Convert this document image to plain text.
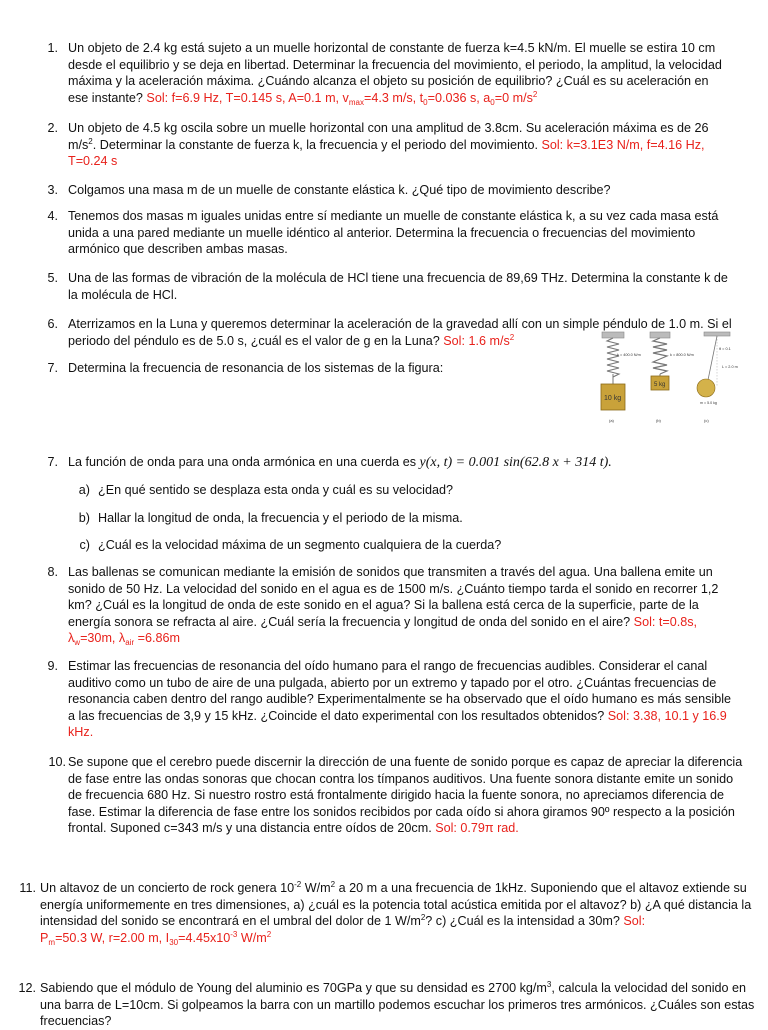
1. Un objeto de 2.4 kg está sujeto a un muelle horizontal de constante de fuerza k=4.5 kN/m. El muelle se estira 10 cm desde el equilibrio y se deja en libertad. Determinar la frecuencia del movimiento, el periodo, la amplitud, la velocidad máxima y la aceleración máxima. ¿Cuándo alcanza el objeto su posición de equilibrio? ¿Cuál es su aceleración en ese instante? Sol: f=6.9 Hz, T=0.145 s, A=0.1 m, $v_{max}=4.3$ m/s, $t_0=0.036$ s, $a_0=0$ $m/s^2$
2. Un objeto de 4.5 kg oscila sobre un muelle horizontal con una amplitud de 3.8cm. Su aceleración máxima es de 26 $m/s^2$. Determinar la constante de fuerza k, la frecuencia y el periodo del movimiento. Sol: k=3.1E3 N/m, f=4.16 Hz, T=0.24 s
3. Colgamos una masa m de un muelle de constante elástica k. ¿Qué tipo de movimiento describe?
4. Tenemos dos masas m iguales unidas entre sí mediante un muelle de constante elástica k, a su vez cada masa está unida a una pared mediante un muelle idéntico al anterior. Determina la frecuencia o frecuencias del movimiento armónico que describen ambas masas.
5. Una de las formas de vibración de la molécula de HCl tiene una frecuencia de 89,69 THz. Determina la constante k de la molécula de HCl.
6. Aterrizamos en la Luna y queremos determinar la aceleración de la gravedad allí con un simple péndulo de 1.0 m. Si el periodo del péndulo es de 5.0 s, ¿cuál es el valor de g en la Luna? Sol: 1.6 $m/s^2$
7. Determina la frecuencia de resonancia de los sistemas de la figura:
10 kg
k = 400.0 N/m
(a)
5 kg
k = 800.0 N/m
(b)
θ = 0.1
L = 2.0 m
m = 5.0 kg
(c)
7. La función de onda para una onda armónica en una cuerda es y(x, t) = 0.001 sin(62.8 x + 314 t).
a) ¿En qué sentido se desplaza esta onda y cuál es su velocidad?
b) Hallar la longitud de onda, la frecuencia y el periodo de la misma.
c) ¿Cuál es la velocidad máxima de un segmento cualquiera de la cuerda?
8. Las ballenas se comunican mediante la emisión de sonidos que transmiten a través del agua. Una ballena emite un sonido de 50 Hz. La velocidad del sonido en el agua es de 1500 m/s. ¿Cuánto tiempo tarda el sonido en recorrer 1,2 km? ¿Cuál es la longitud de onda de este sonido en el agua? Si la ballena está cerca de la superficie, parte de la energía sonora se refracta al aire. ¿Cuál sería la frecuencia y longitud de onda del sonido en el aire? Sol: t=0.8s,
$\lambda_w=30m$, $\lambda_{air} =6.86m$
9. Estimar las frecuencias de resonancia del oído humano para el rango de frecuencias audibles. Considerar el canal auditivo como un tubo de aire de una pulgada, abierto por un extremo y tapado por el otro. ¿Cuántas frecuencias de resonancia caben dentro del rango audible? Experimentalmente se ha observado que el oído humano es más sensible a las frecuencias de 3,9 y 15 kHz. ¿Coincide el dato experimental con los resultados obtenidos? Sol: 3.38, 10.1 y 16.9 kHz.
10. Se supone que el cerebro puede discernir la dirección de una fuente de sonido porque es capaz de apreciar la diferencia de fase entre las ondas sonoras que chocan contra los tímpanos auditivos. Una fuente sonora distante emite un sonido de frecuencia 680 Hz. Si nuestro rostro está frontalmente dirigido hacia la fuente sonora, no apreciamos diferencia de fase. Estimar la diferencia de fase entre los sonidos recibidos por cada oído si ahora giramos 90º respecto a la posición frontal. Suponed c=343 m/s y una distancia entre oídos de 20cm. Sol: 0.79π rad.
11. Un altavoz de un concierto de rock genera $10^{-2}$ $W/m^2$ a 20 m a una frecuencia de 1kHz. Suponiendo que el altavoz extiende su energía uniformemente en tres dimensiones, a) ¿cuál es la potencia total acústica emitida por el altavoz? b) ¿A qué distancia la intensidad del sonido se encontrará en el umbral del dolor de 1 $W/m^2$? c) ¿Cuál es la intensidad a 30m? Sol:
$P_m=50.3$ W, r=2.00 m, $I_{30}=4.45x10^{-3}$ $W/m^2$
12. Sabiendo que el módulo de Young del aluminio es 70GPa y que su densidad es 2700 $kg/m^3$, calcula la velocidad del sonido en una barra de L=10cm. Si golpeamos la barra con un martillo podemos escuchar los primeros tres armónicos. ¿Cuáles son estas frecuencias?
